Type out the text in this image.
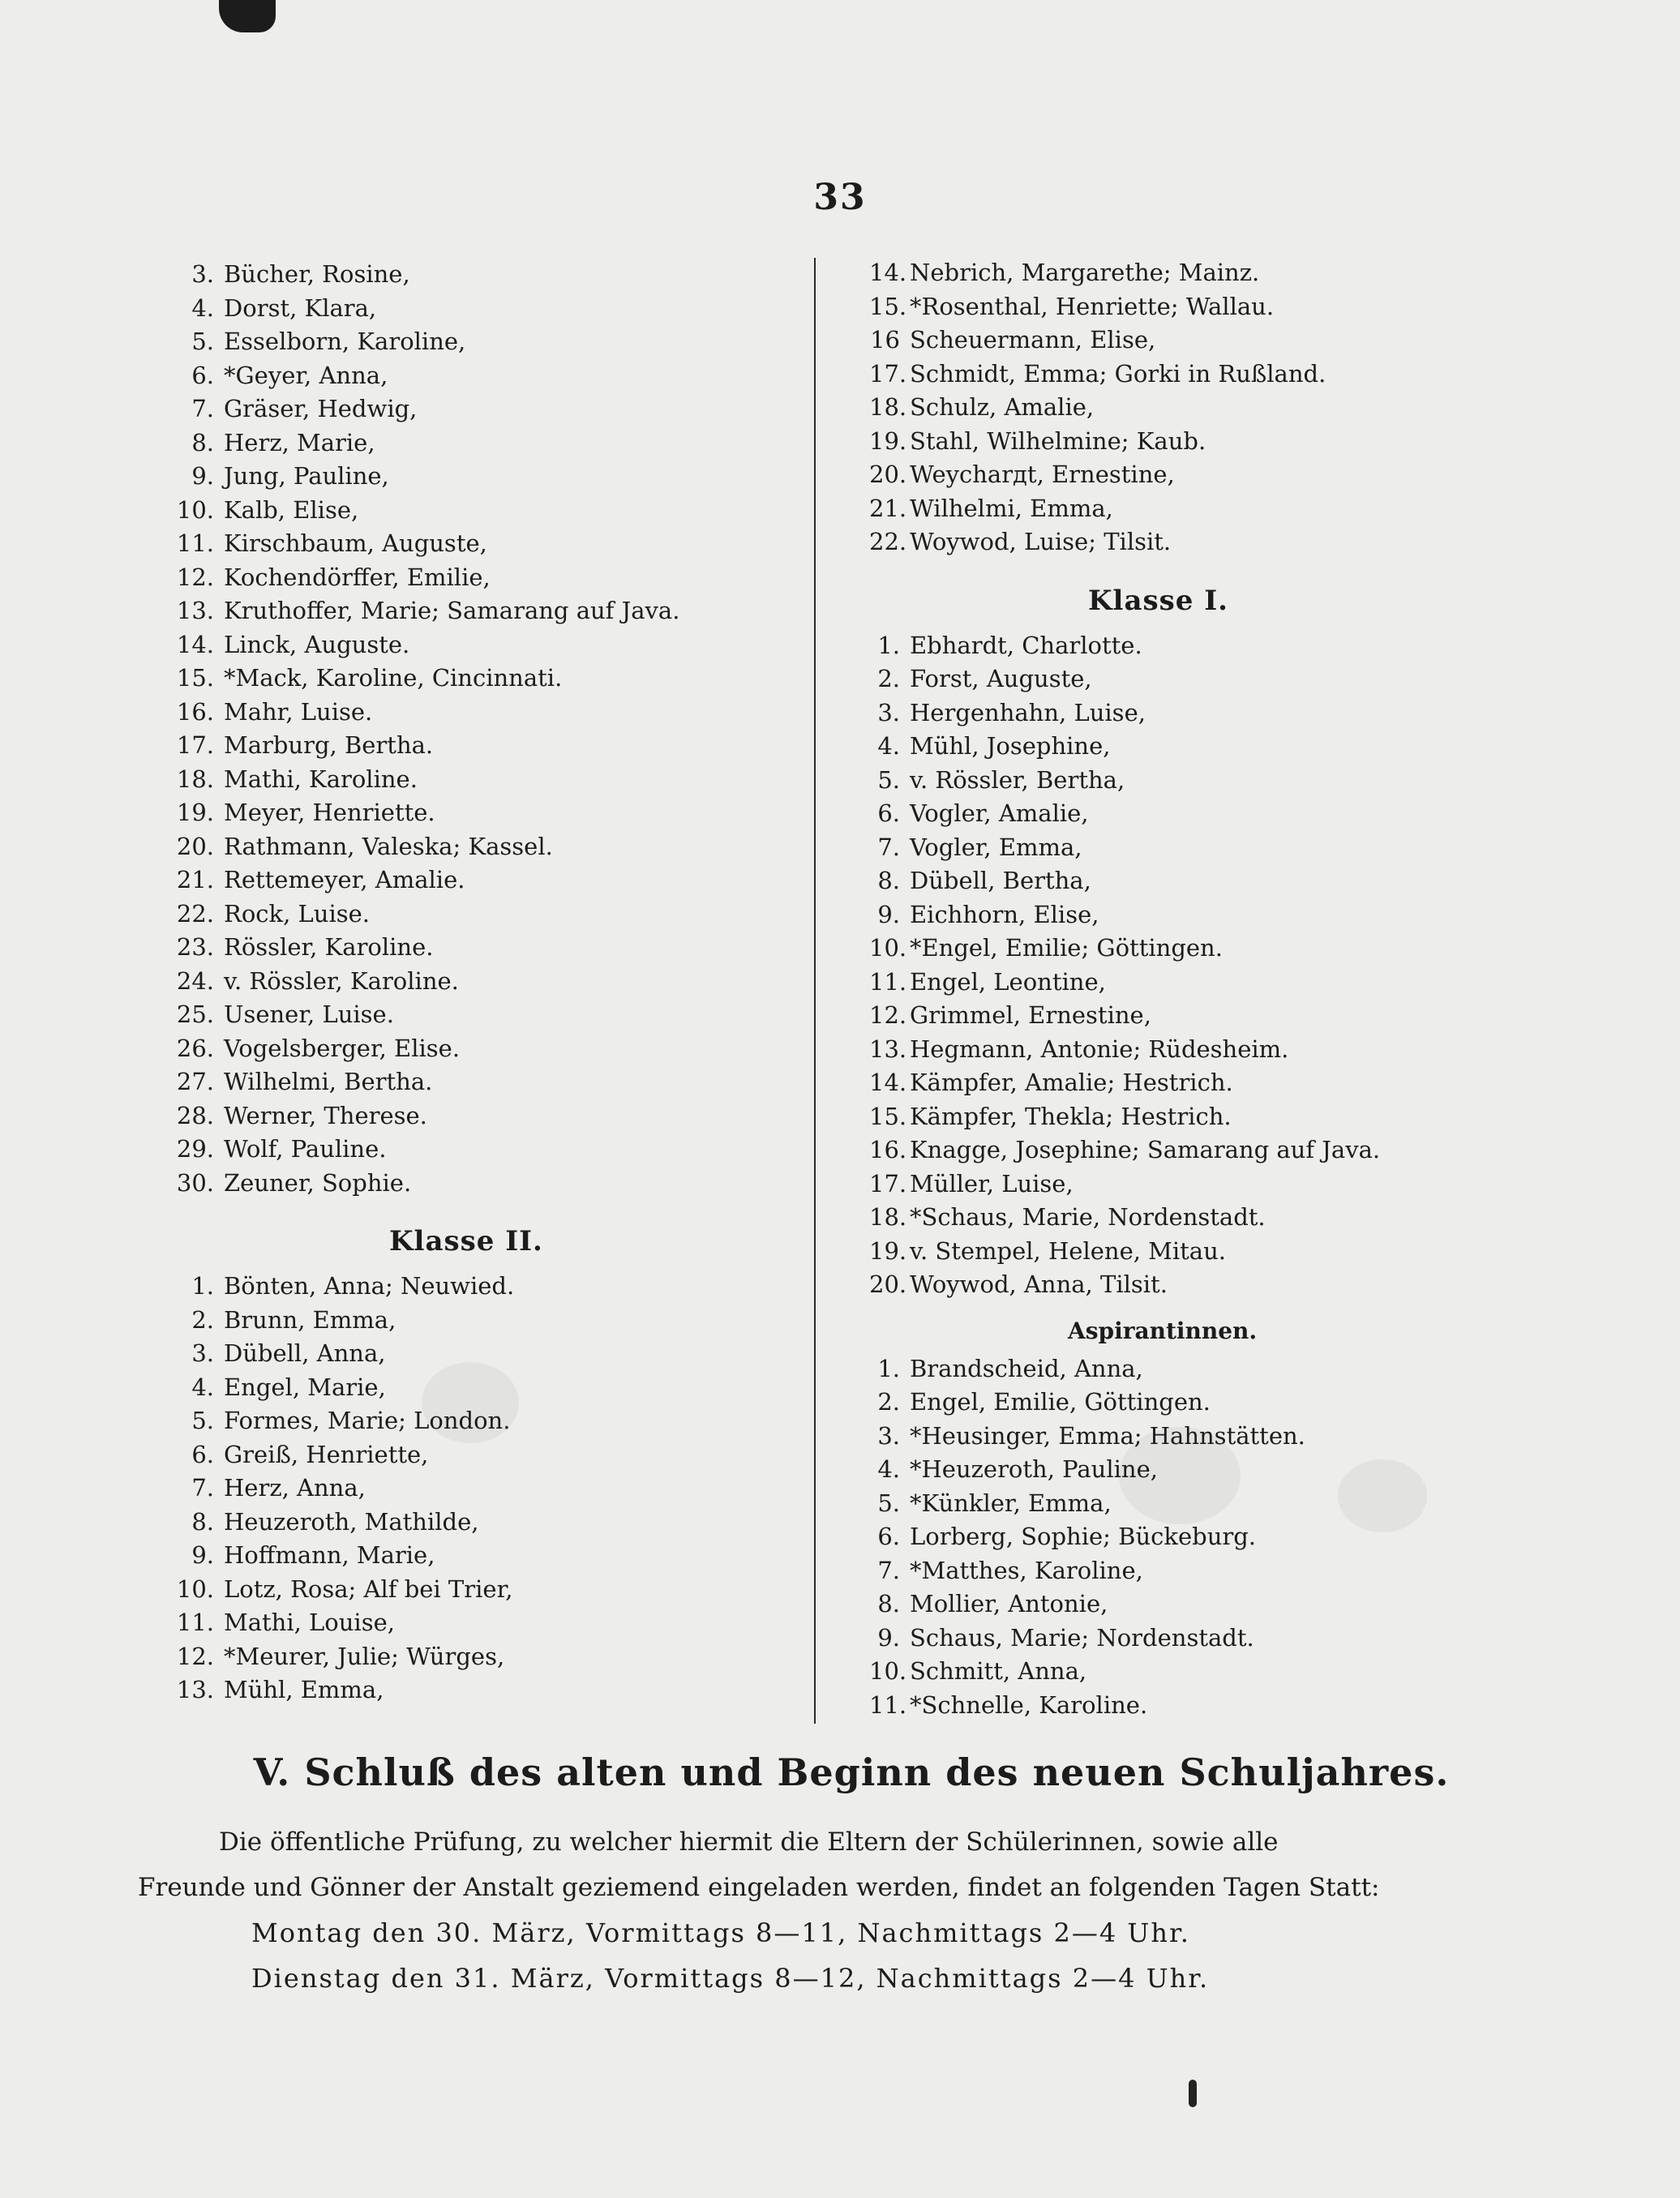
33
3. Bücher, Rosine,
4. Dorst, Klara,
5. Esselborn, Karoline,
6. *Geyer, Anna,
7. Gräser, Hedwig,
8. Herz, Marie,
9. Jung, Pauline,
10. Kalb, Elise,
11. Kirschbaum, Auguste,
12. Kochendörffer, Emilie,
13. Kruthoffer, Marie; Samarang auf Java.
14. Linck, Auguste.
15. *Mack, Karoline, Cincinnati.
16. Mahr, Luise.
17. Marburg, Bertha.
18. Mathi, Karoline.
19. Meyer, Henriette.
20. Rathmann, Valeska; Kassel.
21. Rettemeyer, Amalie.
22. Rock, Luise.
23. Rössler, Karoline.
24. v. Rössler, Karoline.
25. Usener, Luise.
26. Vogelsberger, Elise.
27. Wilhelmi, Bertha.
28. Werner, Therese.
29. Wolf, Pauline.
30. Zeuner, Sophie.
Klasse II.
1. Bönten, Anna; Neuwied.
2. Brunn, Emma,
3. Dübell, Anna,
4. Engel, Marie,
5. Formes, Marie; London.
6. Greiß, Henriette,
7. Herz, Anna,
8. Heuzeroth, Mathilde,
9. Hoffmann, Marie,
10. Lotz, Rosa; Alf bei Trier,
11. Mathi, Louise,
12. *Meurer, Julie; Würges,
13. Mühl, Emma,
14. Nebrich, Margarethe; Mainz.
15. *Rosenthal, Henriette; Wallau.
16 Scheuermann, Elise,
17. Schmidt, Emma; Gorki in Rußland.
18. Schulz, Amalie,
19. Stahl, Wilhelmine; Kaub.
20. Weycharдt, Ernestine,
21. Wilhelmi, Emma,
22. Woywod, Luise; Tilsit.
Klasse I.
1. Ebhardt, Charlotte.
2. Forst, Auguste,
3. Hergenhahn, Luise,
4. Mühl, Josephine,
5. v. Rössler, Bertha,
6. Vogler, Amalie,
7. Vogler, Emma,
8. Dübell, Bertha,
9. Eichhorn, Elise,
10. *Engel, Emilie; Göttingen.
11. Engel, Leontine,
12. Grimmel, Ernestine,
13. Hegmann, Antonie; Rüdesheim.
14. Kämpfer, Amalie; Hestrich.
15. Kämpfer, Thekla; Hestrich.
16. Knagge, Josephine; Samarang auf Java.
17. Müller, Luise,
18. *Schaus, Marie, Nordenstadt.
19. v. Stempel, Helene, Mitau.
20. Woywod, Anna, Tilsit.
Aspirantinnen.
1. Brandscheid, Anna,
2. Engel, Emilie, Göttingen.
3. *Heusinger, Emma; Hahnstätten.
4. *Heuzeroth, Pauline,
5. *Künkler, Emma,
6. Lorberg, Sophie; Bückeburg.
7. *Matthes, Karoline,
8. Mollier, Antonie,
9. Schaus, Marie; Nordenstadt.
10. Schmitt, Anna,
11. *Schnelle, Karoline.
V. Schluß des alten und Beginn des neuen Schuljahres.
Die öffentliche Prüfung, zu welcher hiermit die Eltern der Schülerinnen, sowie alle
Freunde und Gönner der Anstalt geziemend eingeladen werden, findet an folgenden Tagen Statt:
Montag den 30. März, Vormittags 8—11, Nachmittags 2—4 Uhr.
Dienstag den 31. März, Vormittags 8—12, Nachmittags 2—4 Uhr.
